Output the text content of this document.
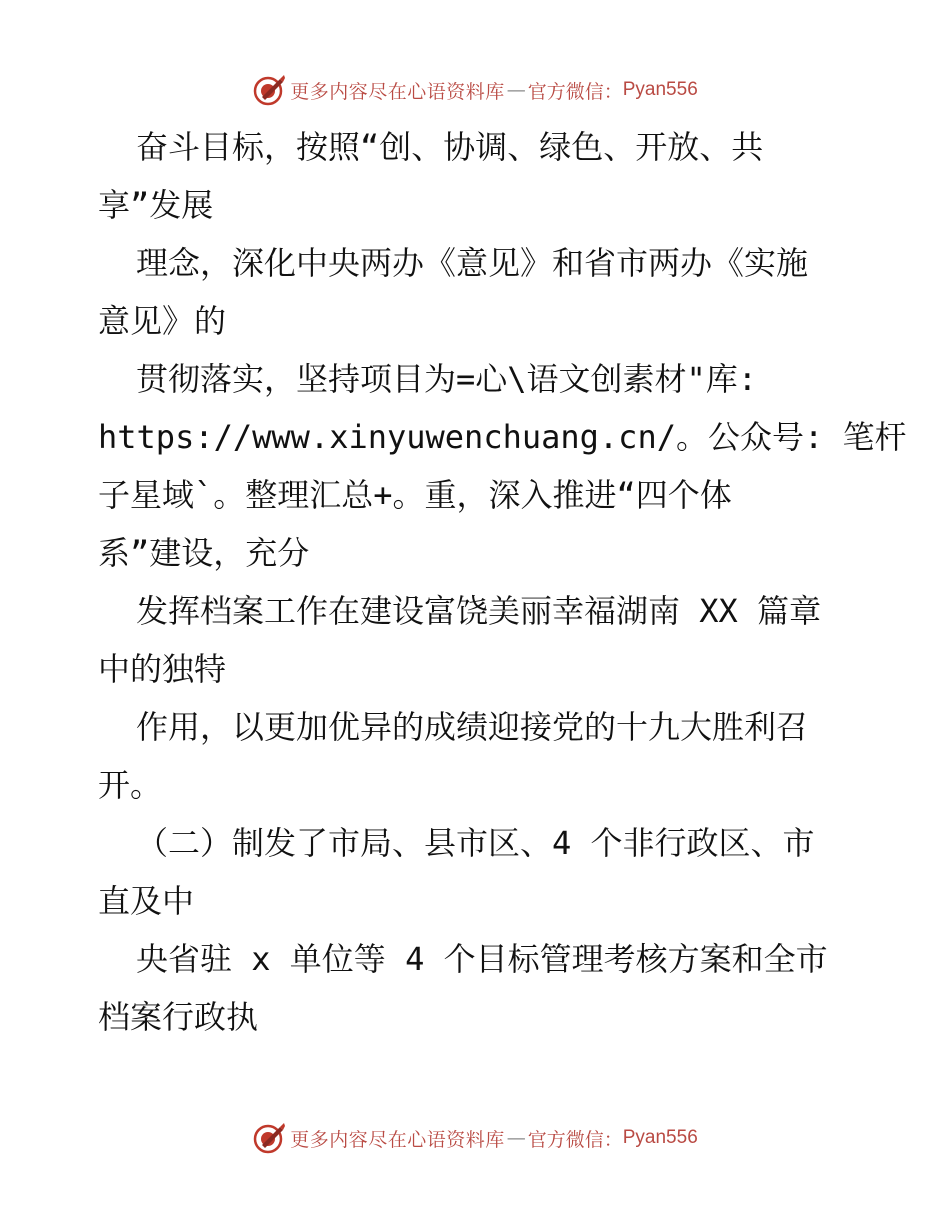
更多内容尽在心语资料库 — 官方微信： Pyan556
奋斗目标，按照“创、协调、绿色、开放、共
享”发展
理念，深化中央两办《意见》和省市两办《实施
意见》的
贯彻落实，坚持项目为=心\语文创素材"库:
https://www.xinyuwenchuang.cn/。公众号: 笔杆
子星域`。整理汇总+。重，深入推进“四个体
系”建设，充分
发挥档案工作在建设富饶美丽幸福湖南 XX 篇章
中的独特
作用，以更加优异的成绩迎接党的十九大胜利召
开。
（二）制发了市局、县市区、4 个非行政区、市
直及中
央省驻 x 单位等 4 个目标管理考核方案和全市
档案行政执
更多内容尽在心语资料库 — 官方微信： Pyan556
